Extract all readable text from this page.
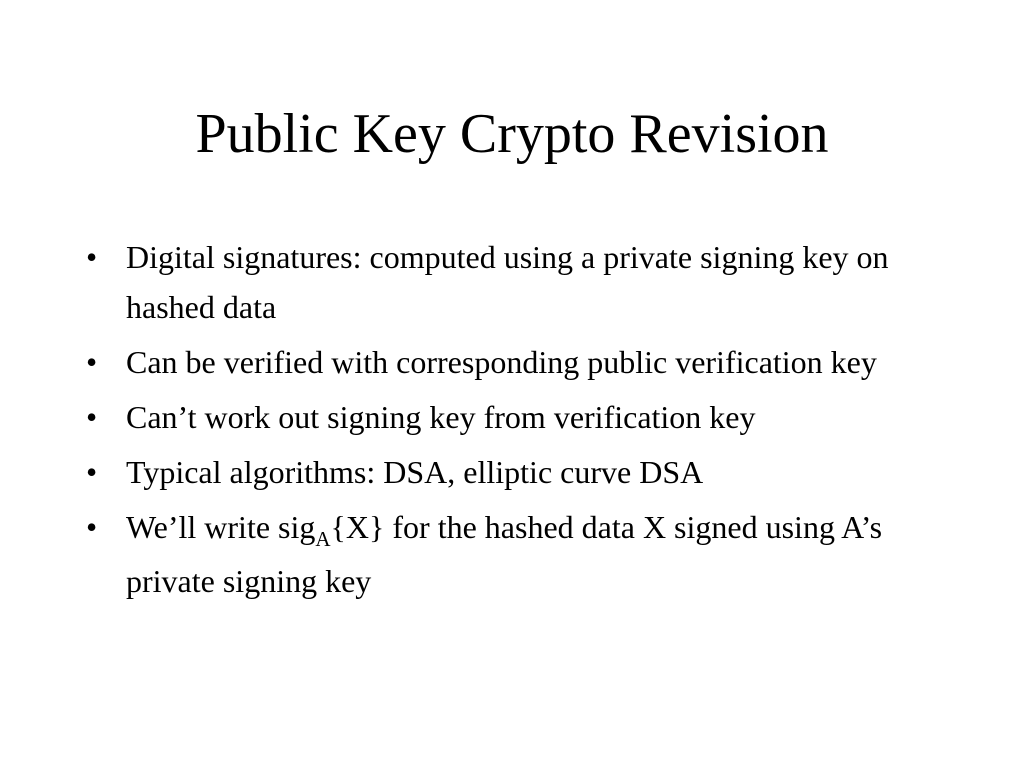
Public Key Crypto Revision
• Digital signatures: computed using a private signing key on hashed data
• Can be verified with corresponding public verification key
• Can’t work out signing key from verification key
• Typical algorithms: DSA, elliptic curve DSA
• We’ll write sig$_A${X} for the hashed data X signed using A’s private signing key
